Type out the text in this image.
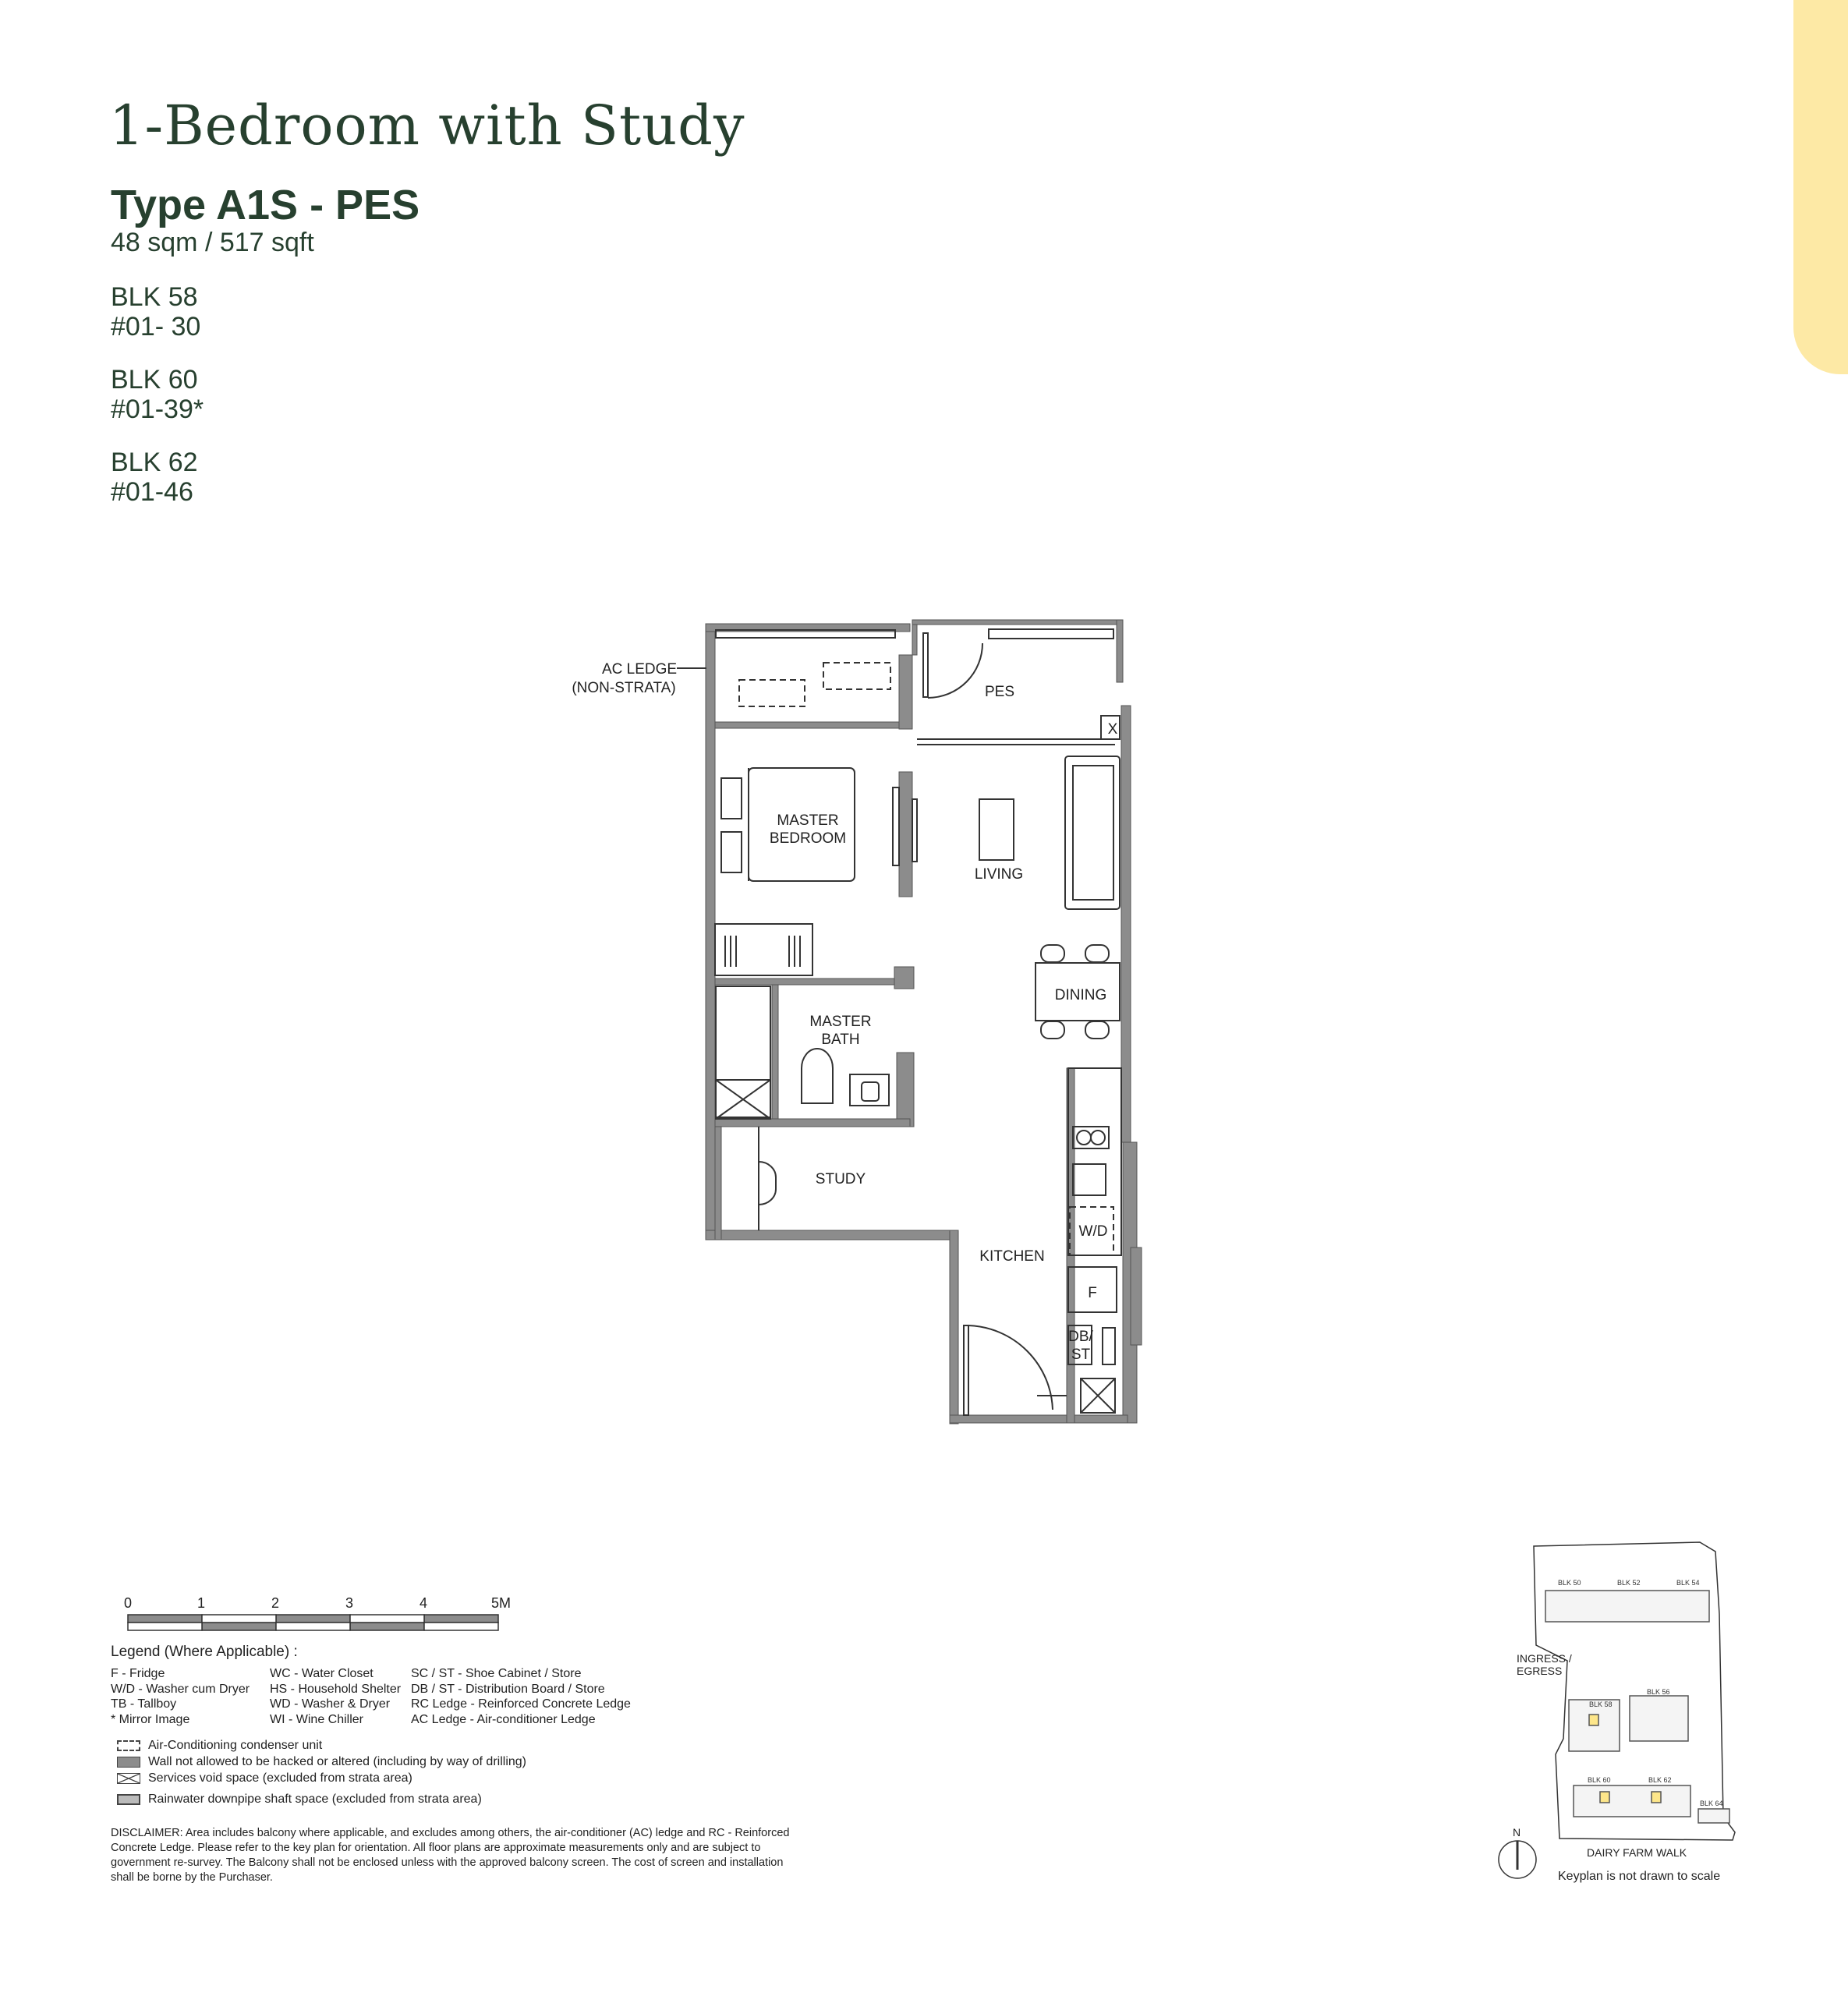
1-Bedroom with Study
Type A1S - PES
48 sqm / 517 sqft
BLK 58
#01- 30
BLK 60
#01-39*
BLK 62
#01-46
AC LEDGE
(NON-STRATA)	PES
X
MASTER
BEDROOM
LIVING
DINING
MASTER
BATH
STUDY
W/D
KITCHEN
F
DB/
ST
BLK 50	BLK 52	BLK 54
BLK 56
BLK 58
BLK 60	BLK 62
BLK 64
INGRESS /
EGRESS
DAIRY FARM WALK
N
0	1	2	3	4	5M
Legend (Where Applicable) :
F - Fridge
W/D - Washer cum Dryer
TB - Tallboy
* Mirror Image
WC - Water Closet
HS - Household Shelter
WD - Washer & Dryer
WI - Wine Chiller
SC / ST - Shoe Cabinet / Store
DB / ST - Distribution Board / Store
RC Ledge - Reinforced Concrete Ledge
AC Ledge - Air-conditioner Ledge
Air-Conditioning condenser unit
Wall not allowed to be hacked or altered (including by way of drilling)
Services void space (excluded from strata area)
Rainwater downpipe shaft space (excluded from strata area)
DISCLAIMER: Area includes balcony where applicable, and excludes among others, the air-conditioner (AC) ledge and RC - Reinforced Concrete Ledge. Please refer to the key plan for orientation. All floor plans are approximate measurements only and are subject to government re-survey. The Balcony shall not be enclosed unless with the approved balcony screen. The cost of screen and installation shall be borne by the Purchaser.	Keyplan is not drawn to scale
